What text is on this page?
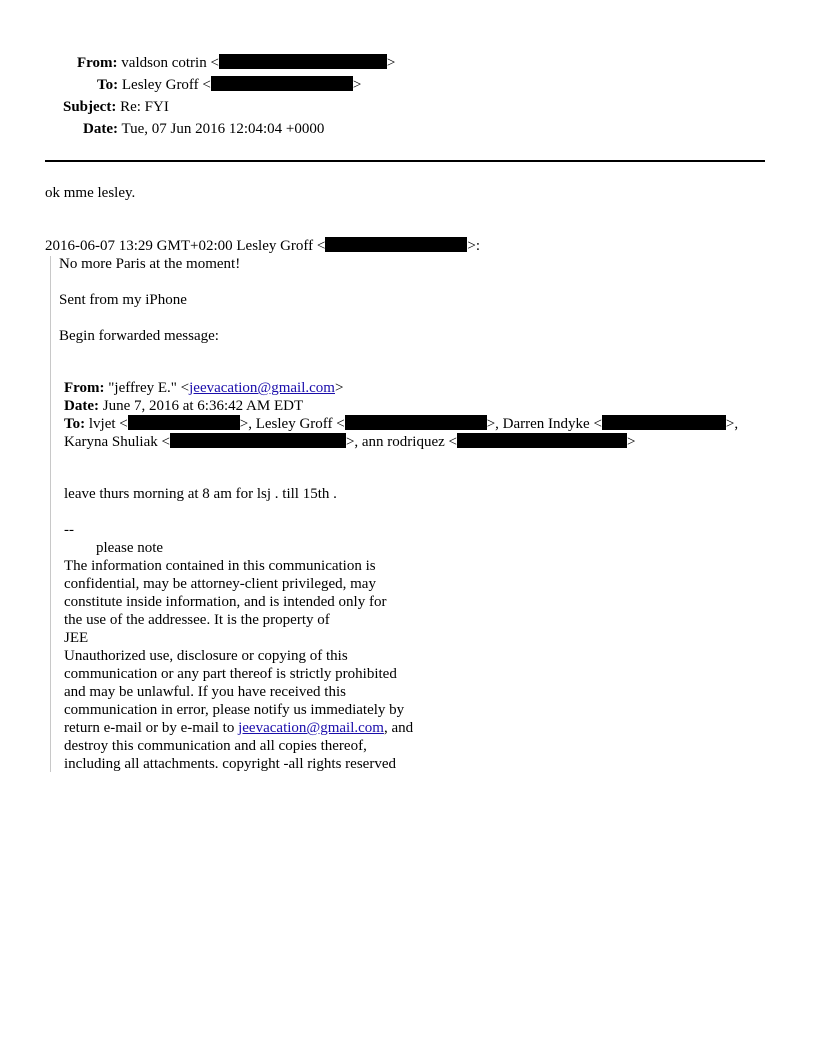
From: valdson cotrin <	>
To: Lesley Groff <	>
Subject: Re: FYI
Date: Tue, 07 Jun 2016 12:04:04 +0000
ok mme lesley.
2016-06-07 13:29 GMT+02:00 Lesley Groff <	>:
No more Paris at the moment!
Sent from my iPhone
Begin forwarded message:
From: "jeffrey E." <jeevacation@gmail.com>
Date: June 7, 2016 at 6:36:42 AM EDT
To: lvjet <	>, Lesley Groff <	>, Darren Indyke <	>,
Karyna Shuliak <	>, ann rodriquez <	>
leave thurs morning at 8 am for lsj . till 15th .
--
please note
The information contained in this communication is
confidential, may be attorney-client privileged, may
constitute inside information, and is intended only for
the use of the addressee. It is the property of
JEE
Unauthorized use, disclosure or copying of this
communication or any part thereof is strictly prohibited
and may be unlawful. If you have received this
communication in error, please notify us immediately by
return e-mail or by e-mail to jeevacation@gmail.com, and
destroy this communication and all copies thereof,
including all attachments. copyright -all rights reserved
